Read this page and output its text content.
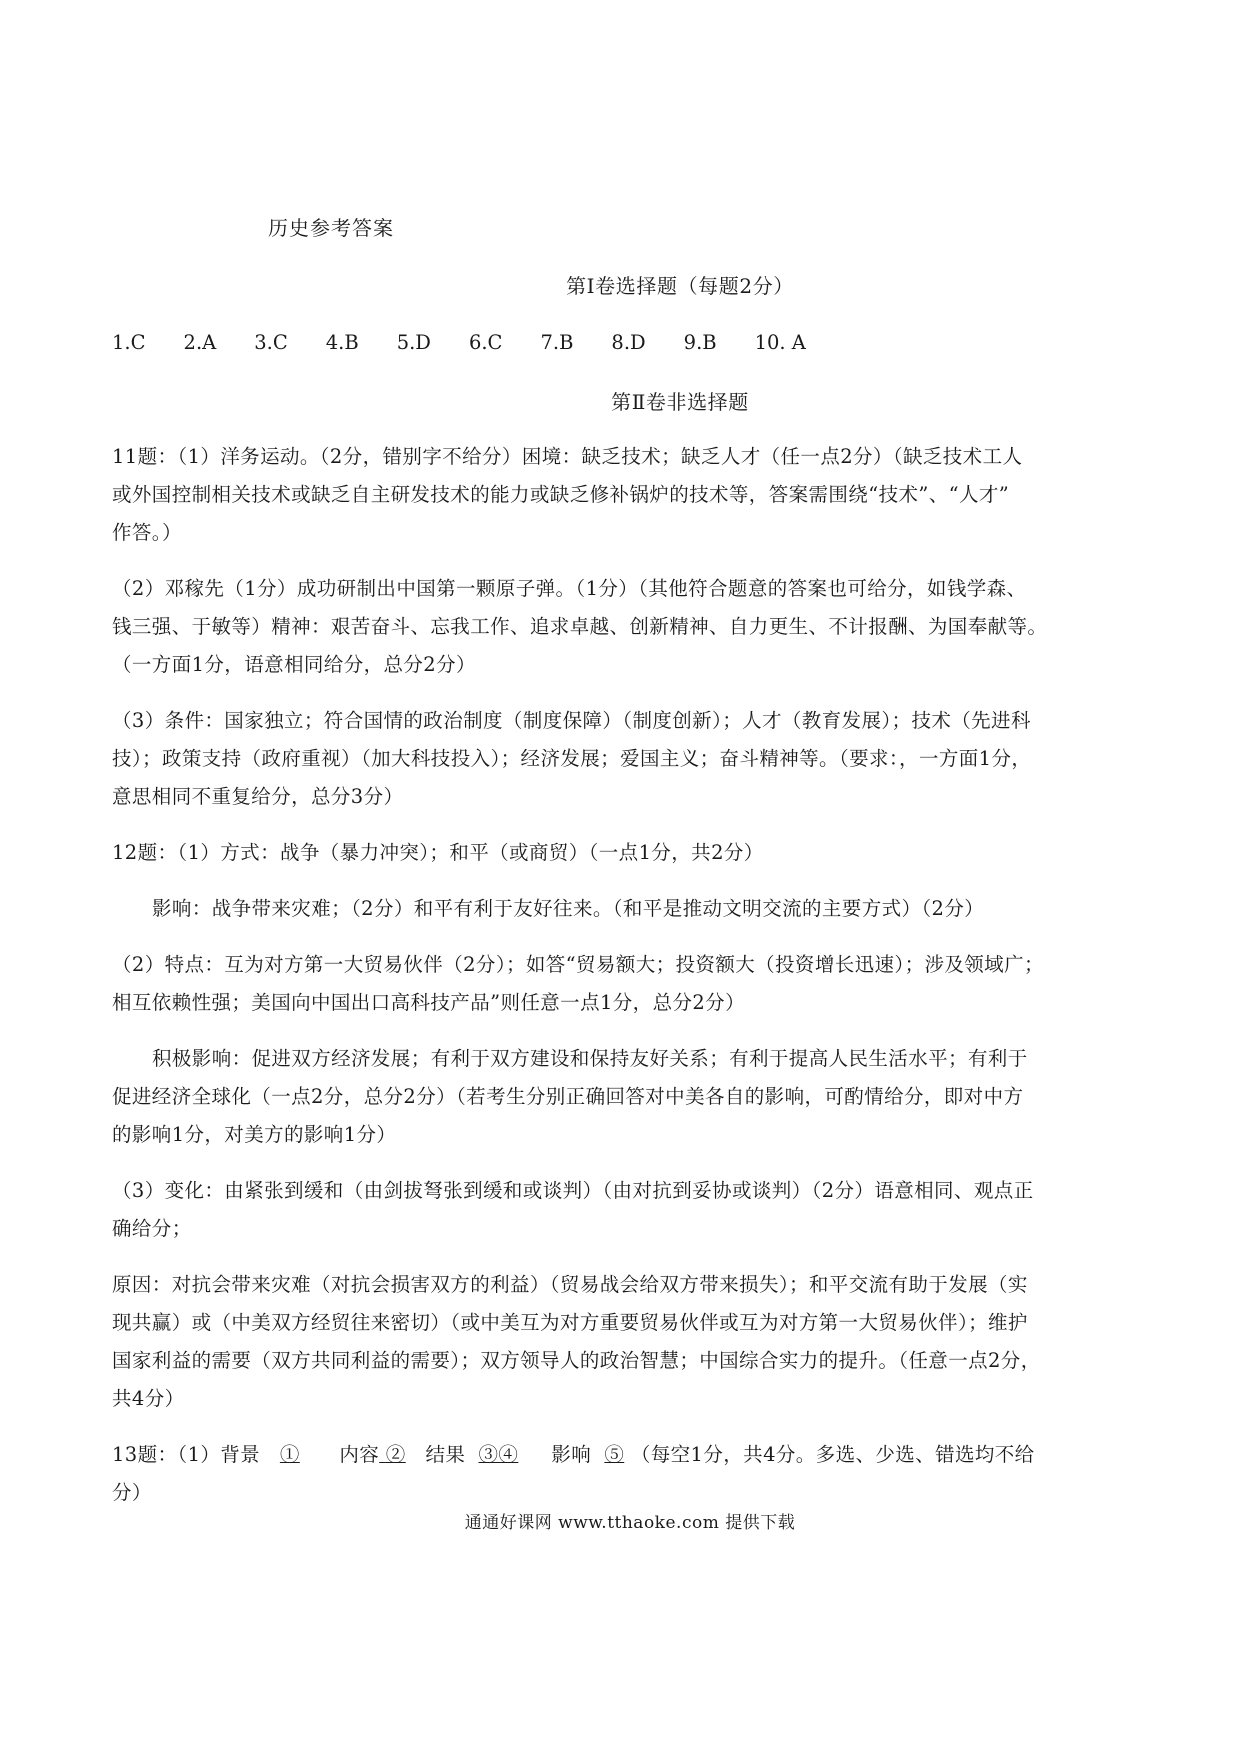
历史参考答案
第Ⅰ卷选择题（每题2分）
1.C 2.A 3.C 4.B 5.D 6.C 7.B 8.D 9.B 10. A
第Ⅱ卷非选择题
11题：（1）洋务运动。（2分，错别字不给分）困境：缺乏技术；缺乏人才（任一点2分）（缺乏技术工人
或外国控制相关技术或缺乏自主研发技术的能力或缺乏修补锅炉的技术等，答案需围绕“技术”、“人才”
作答。）
（2）邓稼先（1分）成功研制出中国第一颗原子弹。（1分）（其他符合题意的答案也可给分，如钱学森、
钱三强、于敏等）精神：艰苦奋斗、忘我工作、追求卓越、创新精神、自力更生、不计报酬、为国奉献等。
（一方面1分，语意相同给分，总分2分）
（3）条件：国家独立；符合国情的政治制度（制度保障）（制度创新）；人才（教育发展）；技术（先进科
技）；政策支持（政府重视）（加大科技投入）；经济发展；爱国主义；奋斗精神等。（要求：，一方面1分，
意思相同不重复给分，总分3分）
12题：（1）方式：战争（暴力冲突）；和平（或商贸）（一点1分，共2分）
影响：战争带来灾难；（2分）和平有利于友好往来。（和平是推动文明交流的主要方式）（2分）
（2）特点：互为对方第一大贸易伙伴（2分）；如答“贸易额大；投资额大（投资增长迅速）；涉及领域广；
相互依赖性强；美国向中国出口高科技产品”则任意一点1分，总分2分）
积极影响：促进双方经济发展；有利于双方建设和保持友好关系；有利于提高人民生活水平；有利于
促进经济全球化（一点2分，总分2分）（若考生分别正确回答对中美各自的影响，可酌情给分，即对中方
的影响1分，对美方的影响1分）
（3）变化：由紧张到缓和（由剑拔弩张到缓和或谈判）（由对抗到妥协或谈判）（2分）语意相同、观点正
确给分；
原因：对抗会带来灾难（对抗会损害双方的利益）（贸易战会给双方带来损失）；和平交流有助于发展（实
现共赢）或（中美双方经贸往来密切）（或中美互为对方重要贸易伙伴或互为对方第一大贸易伙伴）；维护
国家利益的需要（双方共同利益的需要）；双方领导人的政治智慧；中国综合实力的提升。（任意一点2分，
共4分）
13题：（1）背景 ① 内容 ② 结果 ③④ 影响 ⑤ （每空1分，共4分。多选、少选、错选均不给
分）
通通好课网 www.tthaoke.com 提供下载
